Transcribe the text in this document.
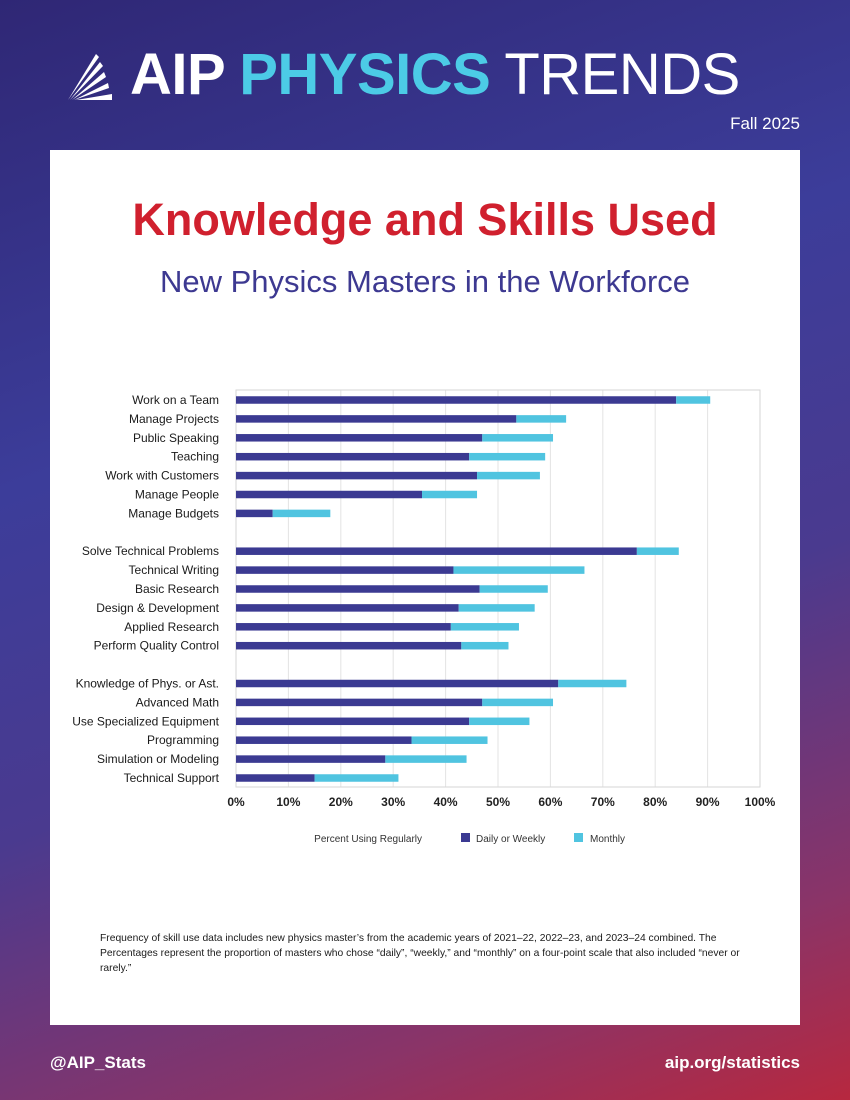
AIP PHYSICS TRENDS
Fall 2025
Knowledge and Skills Used
New Physics Masters in the Workforce
0%	10% 20% 30% 40% 50% 60% 70% 80% 90% 100%
Work on a Team
Manage Projects
Public Speaking
Teaching
Work with Customers
Manage People
Manage Budgets
Solve Technical Problems
Technical Writing
Basic Research
Design & Development
Applied Research
Perform Quality Control
Knowledge of Phys. or Ast.
Advanced Math
Use Specialized Equipment
Programming
Simulation or Modeling
Technical Support
Percent Using Regularly	Daily or Weekly	Monthly
Frequency of skill use data includes new physics master’s from the academic years of 2021–22, 2022–23, and 2023–24 combined. The Percentages represent the proportion of masters who chose “daily”, “weekly,” and “monthly” on a four-point scale that also included “never or rarely.”
@AIP_Stats	aip.org/statistics
